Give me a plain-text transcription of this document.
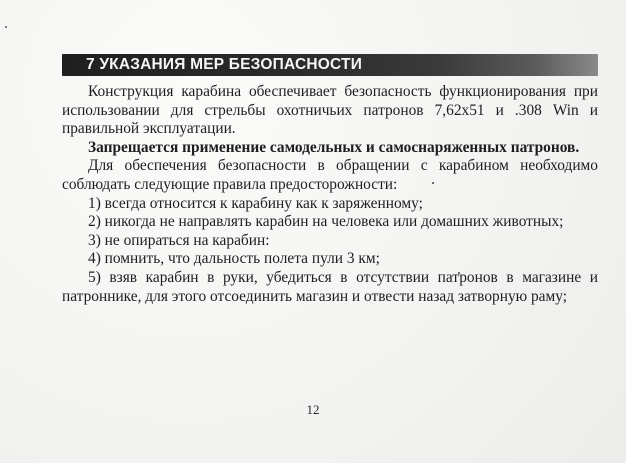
7 УКАЗАНИЯ МЕР БЕЗОПАСНОСТИ

Конструкция карабина обеспечивает безопасность функционирования при использовании для стрельбы охотничьих патронов 7,62х51 и .308 Win и правильной эксплуатации.

Запрещается применение самодельных и самоснаряженных патронов.

Для обеспечения безопасности в обращении с карабином необходимо соблюдать следующие правила предосторожности:

1) всегда относится к карабину как к заряженному;

2) никогда не направлять карабин на человека или домашних животных;

3) не опираться на карабин:

4) помнить, что дальность полета пули 3 км;

5) взяв карабин в руки, убедиться в отсутствии патронов в магазине и патроннике, для этого отсоединить магазин и отвести назад затворную раму;

12
